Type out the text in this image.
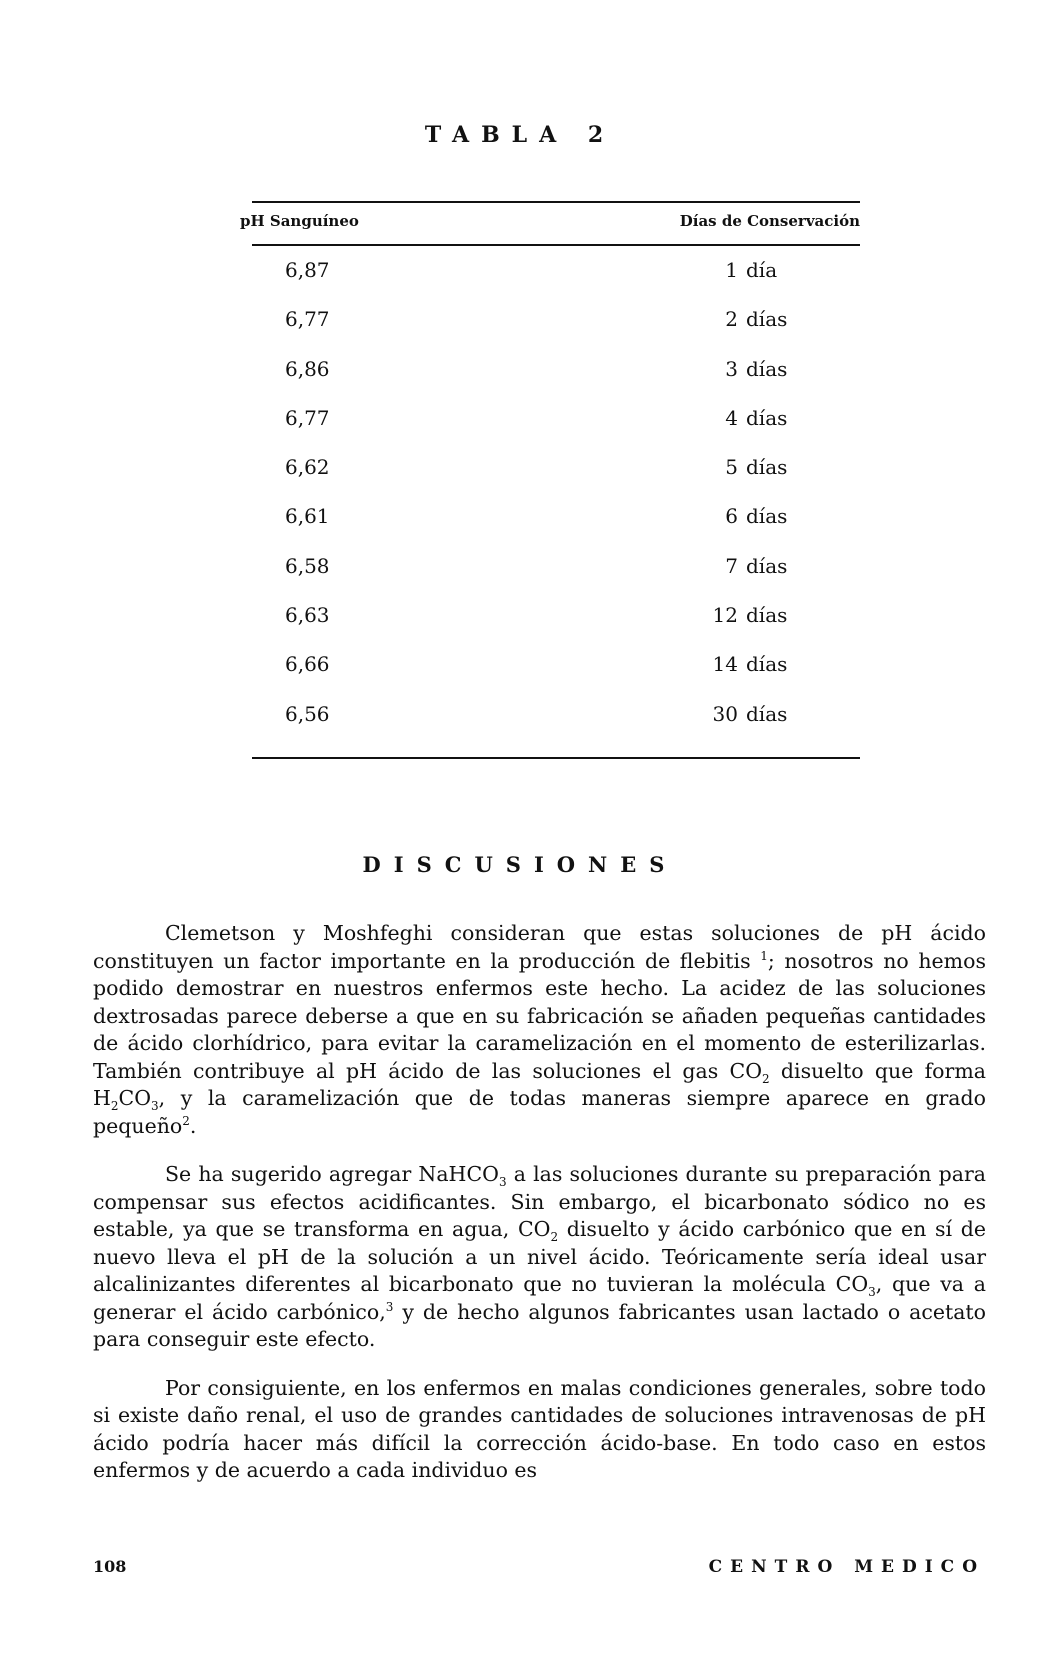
TABLA 2
pH Sanguíneo	Días de Conservación
6,87	1 día
6,77	2 días
6,86	3 días
6,77	4 días
6,62	5 días
6,61	6 días
6,58	7 días
6,63	12 días
6,66	14 días
6,56	30 días
DISCUSIONES

Clemetson y Moshfeghi consideran que estas soluciones de pH ácido constituyen un factor importante en la producción de flebitis $^1$; nosotros no hemos podido demostrar en nuestros enfermos este hecho. La acidez de las soluciones dextrosadas parece deberse a que en su fabricación se añaden pequeñas cantidades de ácido clorhídrico, para evitar la caramelización en el momento de esterilizarlas. También contribuye al pH ácido de las soluciones el gas $CO_2$ disuelto que forma $H_2CO_3$, y la caramelización que de todas maneras siempre aparece en grado pequeño$^2$.

Se ha sugerido agregar NaHCO$_3$ a las soluciones durante su preparación para compensar sus efectos acidificantes. Sin embargo, el bicarbonato sódico no es estable, ya que se transforma en agua, $CO_2$ disuelto y ácido carbónico que en sí de nuevo lleva el pH de la solución a un nivel ácido. Teóricamente sería ideal usar alcalinizantes diferentes al bicarbonato que no tuvieran la molécula $CO_3$, que va a generar el ácido carbónico,$^3$ y de hecho algunos fabricantes usan lactado o acetato para conseguir este efecto.

Por consiguiente, en los enfermos en malas condiciones generales, sobre todo si existe daño renal, el uso de grandes cantidades de soluciones intravenosas de pH ácido podría hacer más difícil la corrección ácido-base. En todo caso en estos enfermos y de acuerdo a cada individuo es

108	CENTRO MEDICO
